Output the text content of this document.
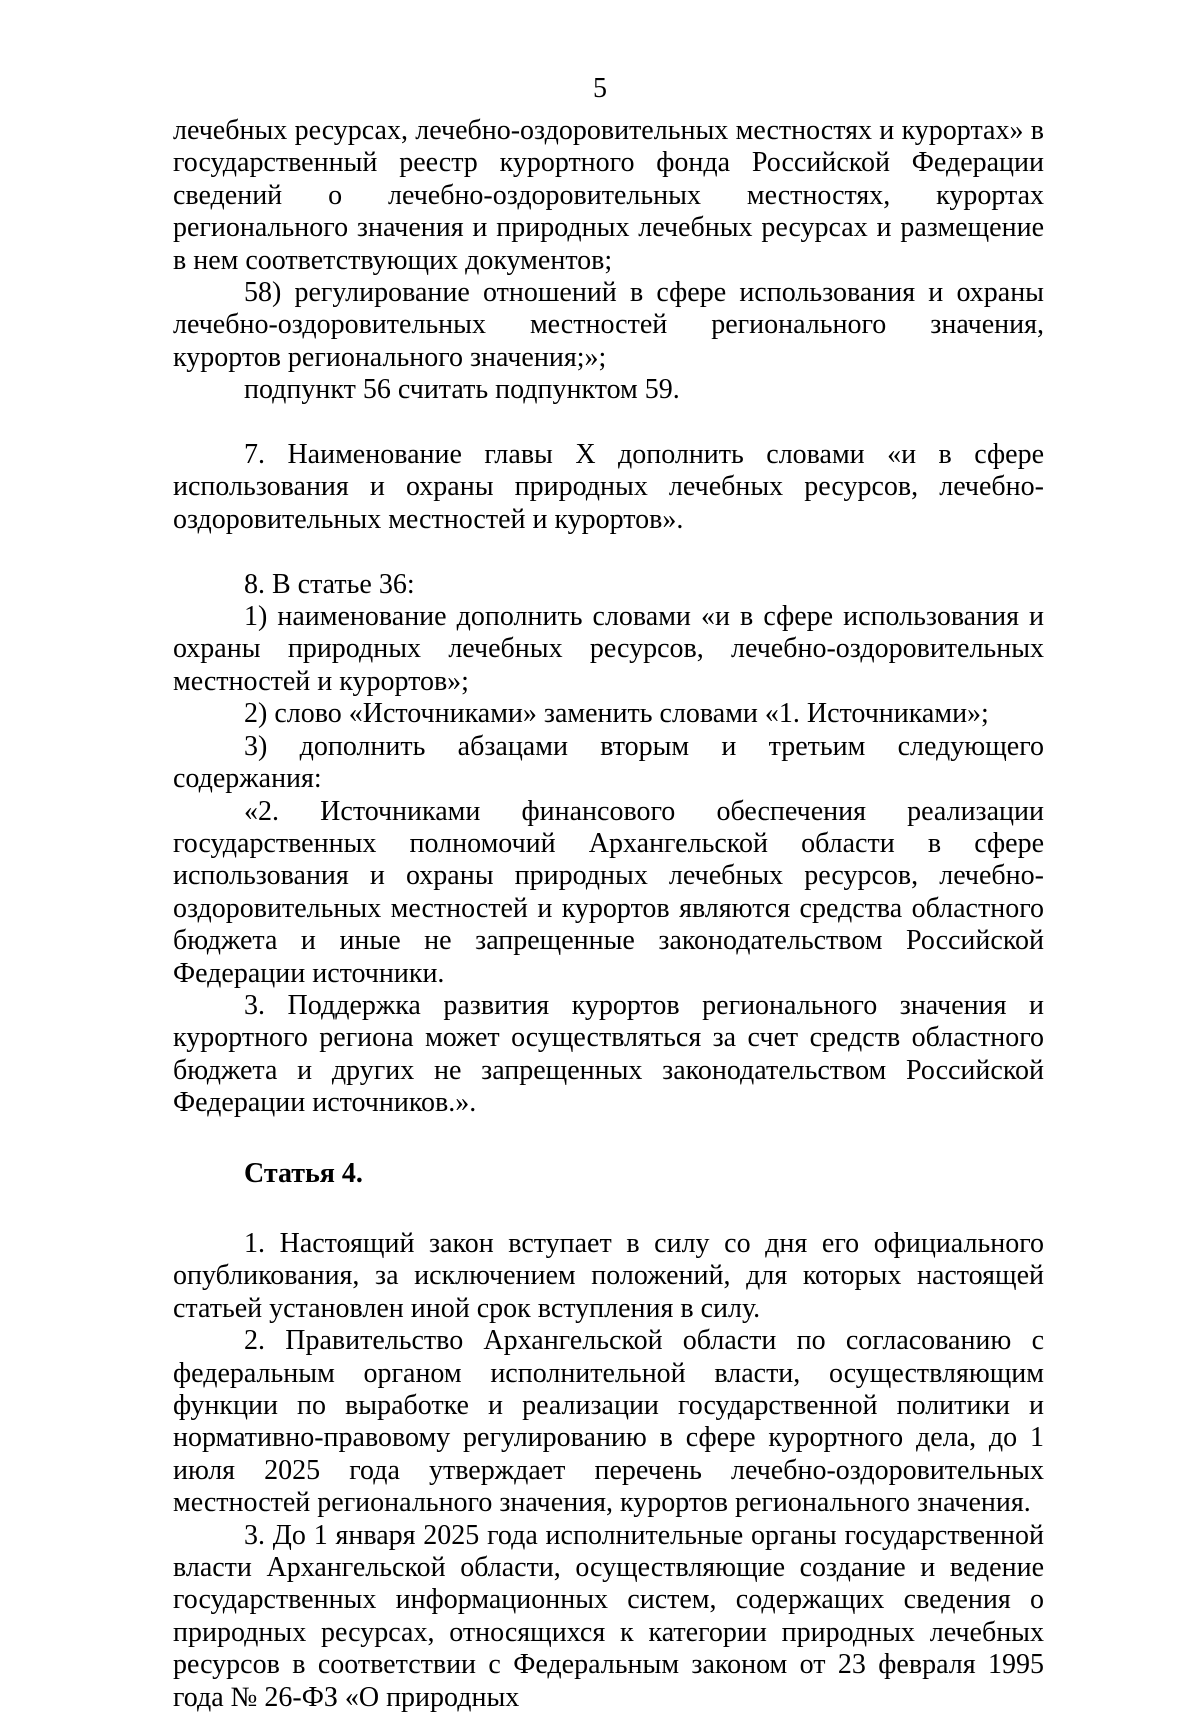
5

лечебных ресурсах, лечебно-оздоровительных местностях и курортах» в государственный реестр курортного фонда Российской Федерации сведений о лечебно-оздоровительных местностях, курортах регионального значения и природных лечебных ресурсах и размещение в нем соответствующих документов;

58) регулирование отношений в сфере использования и охраны лечебно-оздоровительных местностей регионального значения, курортов регионального значения;»;

подпункт 56 считать подпунктом 59.

7. Наименование главы X дополнить словами «и в сфере использования и охраны природных лечебных ресурсов, лечебно-оздоровительных местностей и курортов».

8. В статье 36:

1) наименование дополнить словами «и в сфере использования и охраны природных лечебных ресурсов, лечебно-оздоровительных местностей и курортов»;

2) слово «Источниками» заменить словами «1. Источниками»;

3) дополнить абзацами вторым и третьим следующего содержания:

«2. Источниками финансового обеспечения реализации государственных полномочий Архангельской области в сфере использования и охраны природных лечебных ресурсов, лечебно-оздоровительных местностей и курортов являются средства областного бюджета и иные не запрещенные законодательством Российской Федерации источники.

3. Поддержка развития курортов регионального значения и курортного региона может осуществляться за счет средств областного бюджета и других не запрещенных законодательством Российской Федерации источников.».

Статья 4.

1. Настоящий закон вступает в силу со дня его официального опубликования, за исключением положений, для которых настоящей статьей установлен иной срок вступления в силу.

2. Правительство Архангельской области по согласованию с федеральным органом исполнительной власти, осуществляющим функции по выработке и реализации государственной политики и нормативно-правовому регулированию в сфере курортного дела, до 1 июля 2025 года утверждает перечень лечебно-оздоровительных местностей регионального значения, курортов регионального значения.

3. До 1 января 2025 года исполнительные органы государственной власти Архангельской области, осуществляющие создание и ведение государственных информационных систем, содержащих сведения о природных ресурсах, относящихся к категории природных лечебных ресурсов в соответствии с Федеральным законом от 23 февраля 1995 года № 26-ФЗ «О природных
